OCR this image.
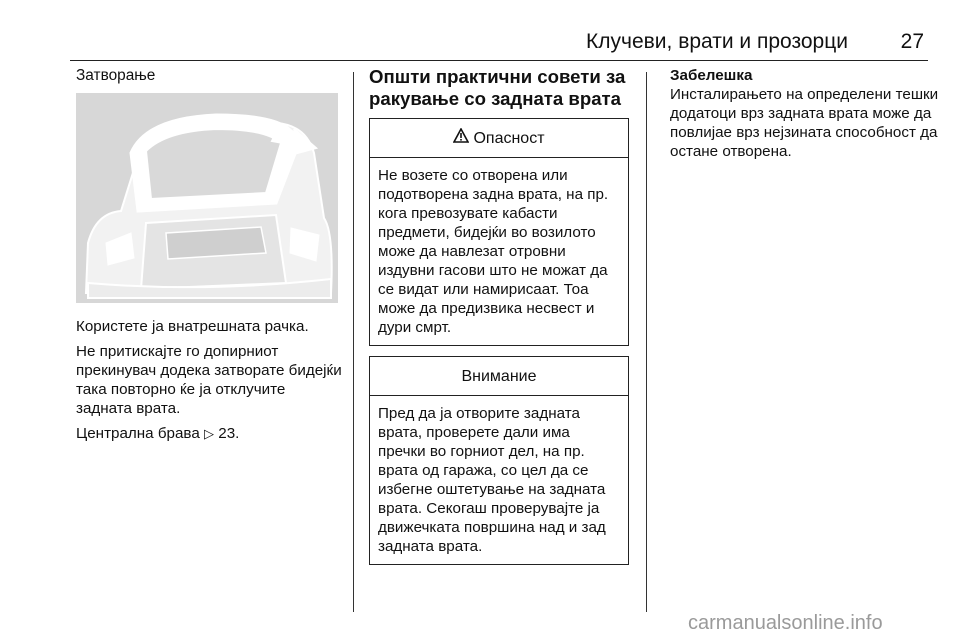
Клучеви, врати и прозорци	27
Затворање

Користете ја внатрешната рачка.

Не притискајте го допирниот прекинувач додека затворате бидејќи така повторно ќе ја отклучите задната врата.

Централна брава ▷ 23.

Општи практични совети за ракување со задната врата
Опасност
Не возете со отворена или подотворена задна врата, на пр. кога превозувате кабасти предмети, бидејќи во возилото може да навлезат отровни издувни гасови што не можат да се видат или намирисаат. Тоа може да предизвика несвест и дури смрт.
Внимание
Пред да ја отворите задната врата, проверете дали има пречки во горниот дел, на пр. врата од гаража, со цел да се избегне оштетување на задната врата. Секогаш проверувајте ја движечката површина над и зад задната врата.
Забелешка
Инсталирањето на определени тешки додатоци врз задната врата може да повлијае врз нејзината способност да остане отворена.
carmanualsonline.info
